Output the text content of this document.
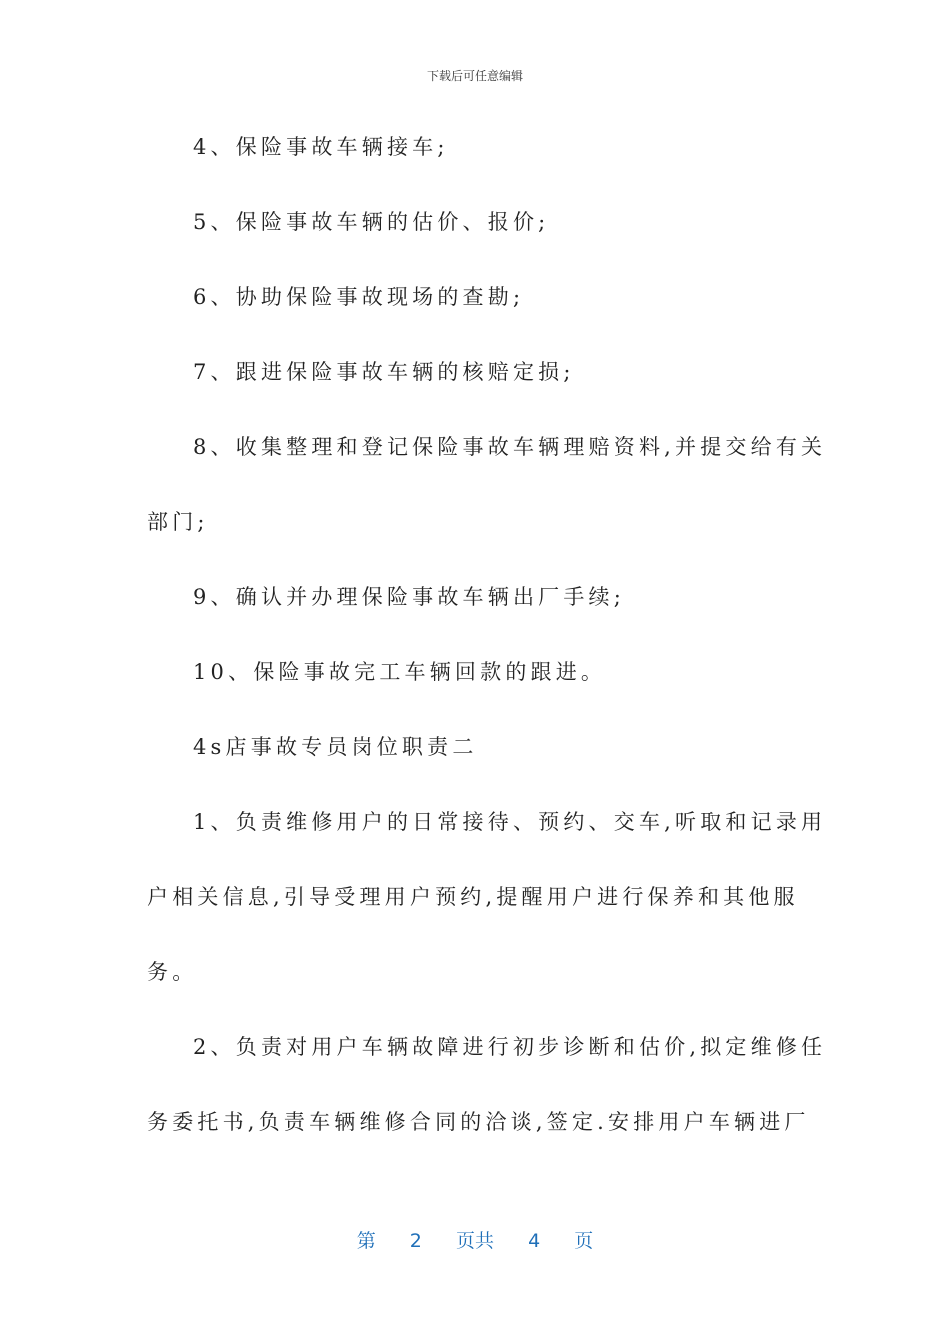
下载后可任意编辑
4、保险事故车辆接车;
5、保险事故车辆的估价、报价;
6、协助保险事故现场的查勘;
7、跟进保险事故车辆的核赔定损;
8、收集整理和登记保险事故车辆理赔资料,并提交给有关
部门;
9、确认并办理保险事故车辆出厂手续;
10、保险事故完工车辆回款的跟进。
4s店事故专员岗位职责二
1、负责维修用户的日常接待、预约、交车,听取和记录用
户相关信息,引导受理用户预约,提醒用户进行保养和其他服
务。
2、负责对用户车辆故障进行初步诊断和估价,拟定维修任
务委托书,负责车辆维修合同的洽谈,签定.安排用户车辆进厂
第 2 页共 4 页
